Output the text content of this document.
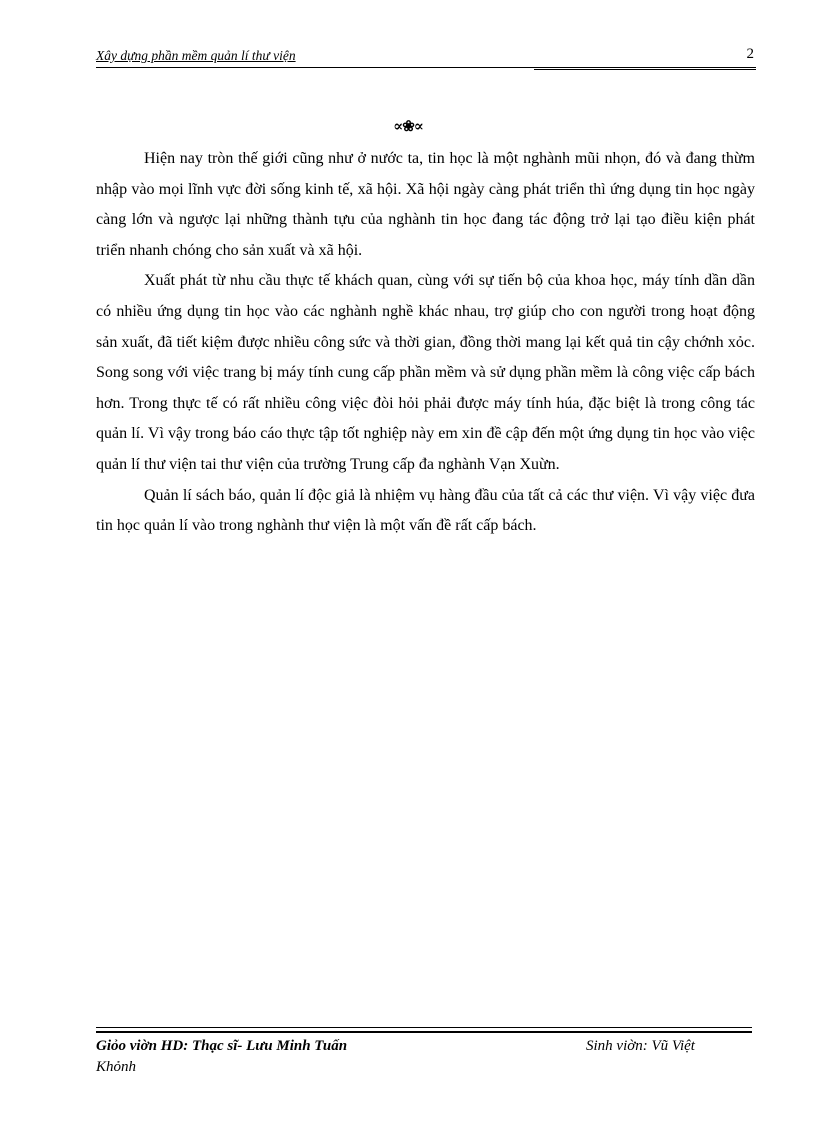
Xây dựng phần mềm quản lí thư viện	2
∝❀∝

Hiện nay tròn thế giới cũng như ở nước ta, tin học là một nghành mũi nhọn, đó và đang thừm nhập vào mọi lĩnh vực đời sống kinh tế, xã hội. Xã hội ngày càng phát triển thì ứng dụng tin học ngày càng lớn và ngược lại những thành tựu của nghành tin học đang tác động trở lại tạo điều kiện phát triển nhanh chóng cho sản xuất và xã hội.

Xuất phát từ nhu cầu thực tế khách quan, cùng với sự tiến bộ của khoa học, máy tính dần dần có nhiều ứng dụng tin học vào các nghành nghề khác nhau, trợ giúp cho con người trong hoạt động sản xuất, đã tiết kiệm được nhiều công sức và thời gian, đồng thời mang lại kết quả tin cậy chớnh xỏc. Song song với việc trang bị máy tính cung cấp phần mềm và sử dụng phần mềm là công việc cấp bách hơn. Trong thực tế có rất nhiều công việc đòi hỏi phải được máy tính húa, đặc biệt là trong công tác quản lí. Vì vậy trong báo cáo thực tập tốt nghiệp này em xin đề cập đến một ứng dụng tin học vào việc quản lí thư viện tai thư viện của trường Trung cấp đa nghành Vạn Xuừn.

Quản lí sách báo, quản lí độc giả là nhiệm vụ hàng đầu của tất cả các thư viện. Vì vậy việc đưa tin học quản lí vào trong nghành thư viện là một vấn đề rất cấp bách.

Giỏo viờn HD: Thạc sĩ- Lưu Minh Tuấn	Sinh viờn: Vũ Việt
Khỏnh
